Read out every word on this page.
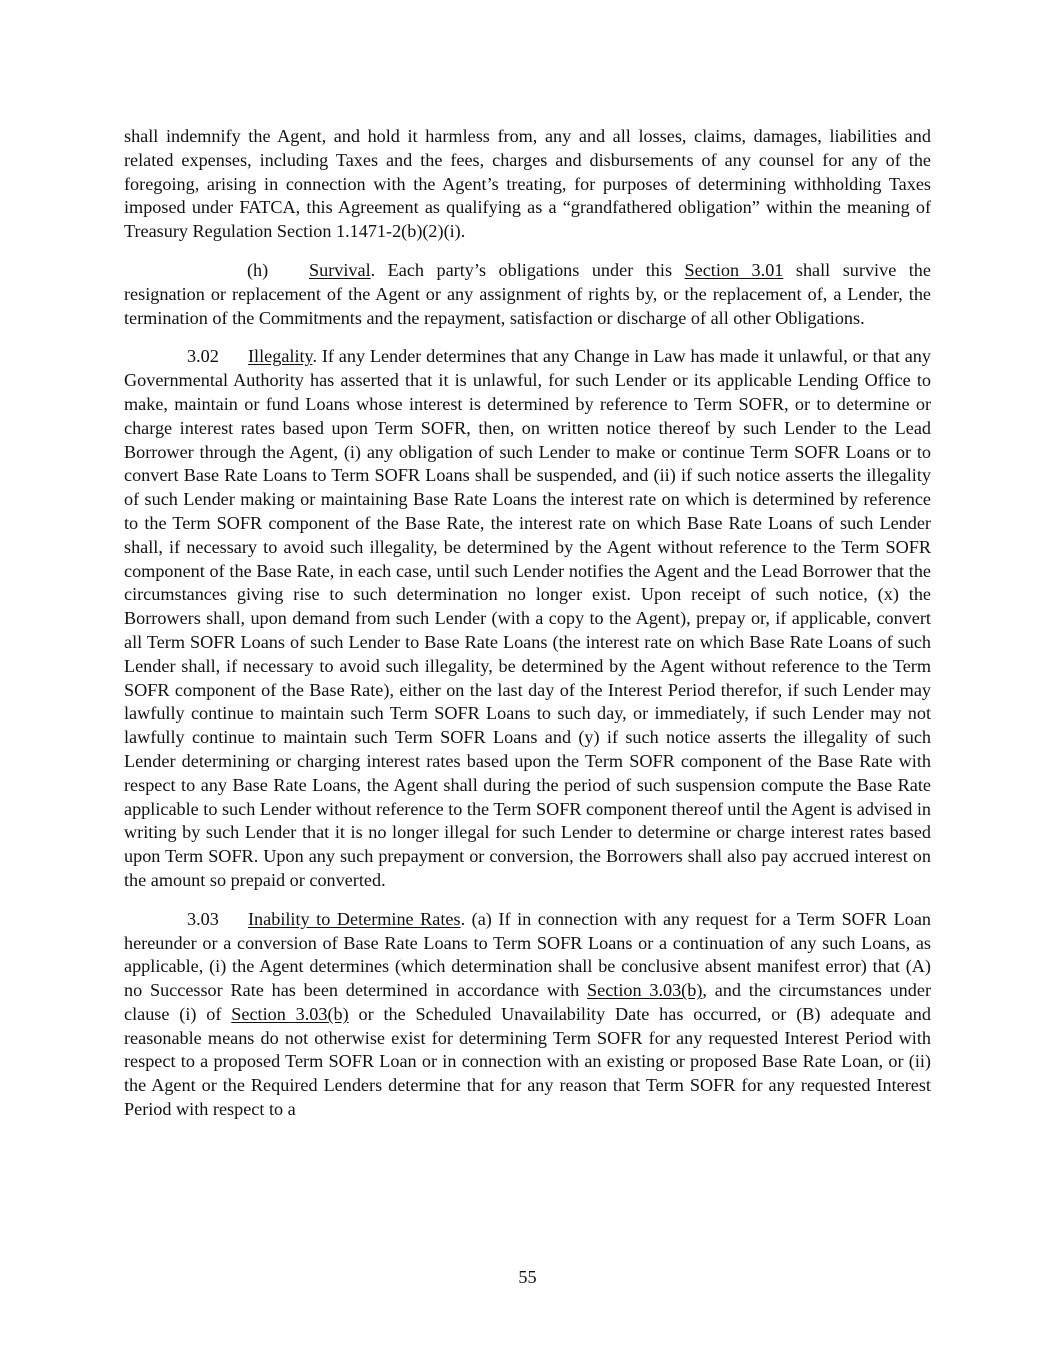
shall indemnify the Agent, and hold it harmless from, any and all losses, claims, damages, liabilities and related expenses, including Taxes and the fees, charges and disbursements of any counsel for any of the foregoing, arising in connection with the Agent’s treating, for purposes of determining withholding Taxes imposed under FATCA, this Agreement as qualifying as a “grandfathered obligation” within the meaning of Treasury Regulation Section 1.1471-2(b)(2)(i).

(h) Survival. Each party’s obligations under this Section 3.01 shall survive the resignation or replacement of the Agent or any assignment of rights by, or the replacement of, a Lender, the termination of the Commitments and the repayment, satisfaction or discharge of all other Obligations.

3.02 Illegality. If any Lender determines that any Change in Law has made it unlawful, or that any Governmental Authority has asserted that it is unlawful, for such Lender or its applicable Lending Office to make, maintain or fund Loans whose interest is determined by reference to Term SOFR, or to determine or charge interest rates based upon Term SOFR, then, on written notice thereof by such Lender to the Lead Borrower through the Agent, (i) any obligation of such Lender to make or continue Term SOFR Loans or to convert Base Rate Loans to Term SOFR Loans shall be suspended, and (ii) if such notice asserts the illegality of such Lender making or maintaining Base Rate Loans the interest rate on which is determined by reference to the Term SOFR component of the Base Rate, the interest rate on which Base Rate Loans of such Lender shall, if necessary to avoid such illegality, be determined by the Agent without reference to the Term SOFR component of the Base Rate, in each case, until such Lender notifies the Agent and the Lead Borrower that the circumstances giving rise to such determination no longer exist. Upon receipt of such notice, (x) the Borrowers shall, upon demand from such Lender (with a copy to the Agent), prepay or, if applicable, convert all Term SOFR Loans of such Lender to Base Rate Loans (the interest rate on which Base Rate Loans of such Lender shall, if necessary to avoid such illegality, be determined by the Agent without reference to the Term SOFR component of the Base Rate), either on the last day of the Interest Period therefor, if such Lender may lawfully continue to maintain such Term SOFR Loans to such day, or immediately, if such Lender may not lawfully continue to maintain such Term SOFR Loans and (y) if such notice asserts the illegality of such Lender determining or charging interest rates based upon the Term SOFR component of the Base Rate with respect to any Base Rate Loans, the Agent shall during the period of such suspension compute the Base Rate applicable to such Lender without reference to the Term SOFR component thereof until the Agent is advised in writing by such Lender that it is no longer illegal for such Lender to determine or charge interest rates based upon Term SOFR. Upon any such prepayment or conversion, the Borrowers shall also pay accrued interest on the amount so prepaid or converted.

3.03 Inability to Determine Rates. (a) If in connection with any request for a Term SOFR Loan hereunder or a conversion of Base Rate Loans to Term SOFR Loans or a continuation of any such Loans, as applicable, (i) the Agent determines (which determination shall be conclusive absent manifest error) that (A) no Successor Rate has been determined in accordance with Section 3.03(b), and the circumstances under clause (i) of Section 3.03(b) or the Scheduled Unavailability Date has occurred, or (B) adequate and reasonable means do not otherwise exist for determining Term SOFR for any requested Interest Period with respect to a proposed Term SOFR Loan or in connection with an existing or proposed Base Rate Loan, or (ii) the Agent or the Required Lenders determine that for any reason that Term SOFR for any requested Interest Period with respect to a

55
